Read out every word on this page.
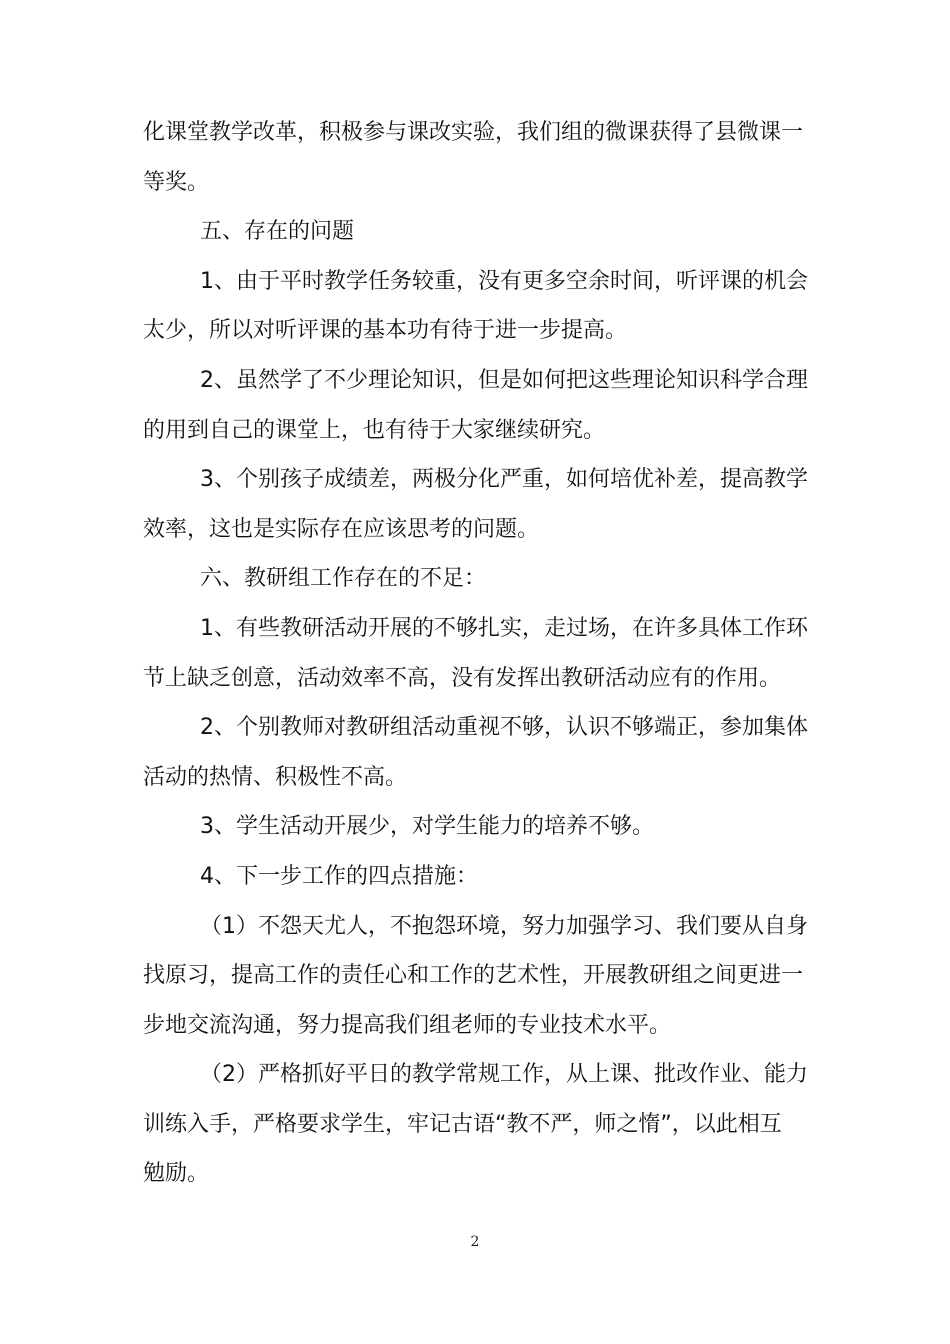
化课堂教学改革，积极参与课改实验，我们组的微课获得了县微课一
等奖。
五、存在的问题
1、由于平时教学任务较重，没有更多空余时间，听评课的机会
太少，所以对听评课的基本功有待于进一步提高。
2、虽然学了不少理论知识，但是如何把这些理论知识科学合理
的用到自己的课堂上，也有待于大家继续研究。
3、个别孩子成绩差，两极分化严重，如何培优补差，提高教学
效率，这也是实际存在应该思考的问题。
六、教研组工作存在的不足：
1、有些教研活动开展的不够扎实，走过场，在许多具体工作环
节上缺乏创意，活动效率不高，没有发挥出教研活动应有的作用。
2、个别教师对教研组活动重视不够，认识不够端正，参加集体
活动的热情、积极性不高。
3、学生活动开展少，对学生能力的培养不够。
4、下一步工作的四点措施：
（1）不怨天尤人，不抱怨环境，努力加强学习、我们要从自身
找原习，提高工作的责任心和工作的艺术性，开展教研组之间更进一
步地交流沟通，努力提高我们组老师的专业技术水平。
（2）严格抓好平日的教学常规工作，从上课、批改作业、能力
训练入手，严格要求学生，牢记古语“教不严，师之惰”，以此相互
勉励。
2
